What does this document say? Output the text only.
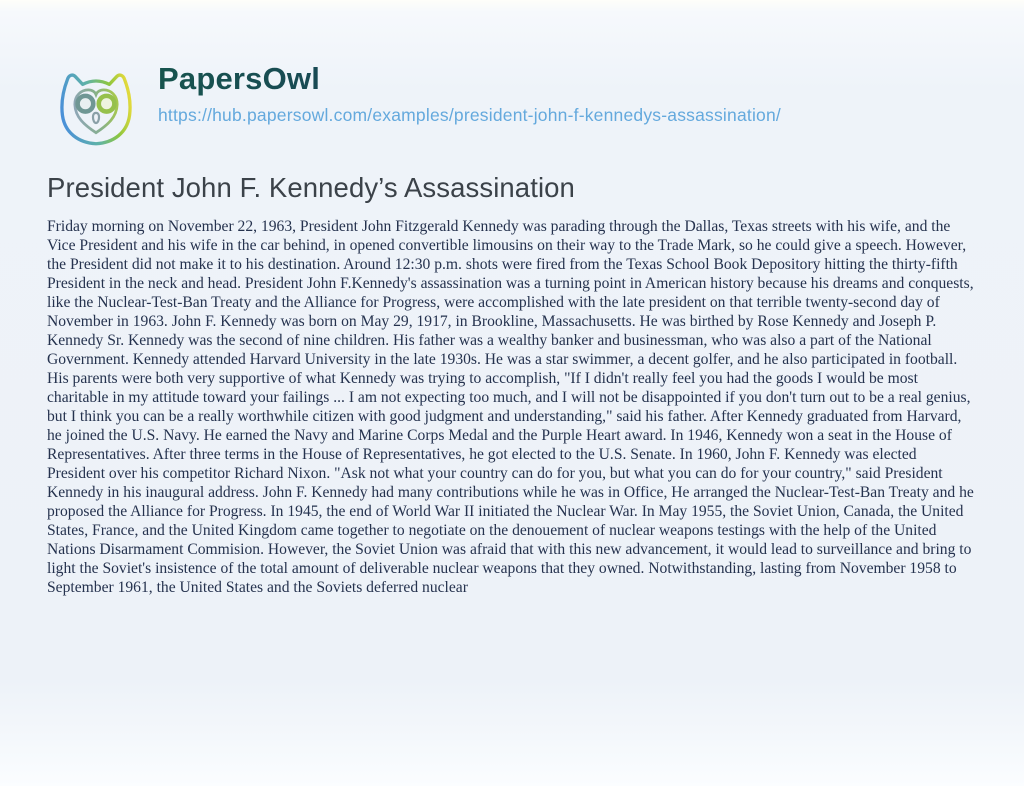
PapersOwl
https://hub.papersowl.com/examples/president-john-f-kennedys-assassination/
President John F. Kennedy’s Assassination

Friday morning on November 22, 1963, President John Fitzgerald Kennedy was parading through the Dallas, Texas streets with his wife, and the Vice President and his wife in the car behind, in opened convertible limousins on their way to the Trade Mark, so he could give a speech. However, the President did not make it to his destination. Around 12:30 p.m. shots were fired from the Texas School Book Depository hitting the thirty-fifth President in the neck and head. President John F.Kennedy's assassination was a turning point in American history because his dreams and conquests, like the Nuclear-Test-Ban Treaty and the Alliance for Progress, were accomplished with the late president on that terrible twenty-second day of November in 1963. John F. Kennedy was born on May 29, 1917, in Brookline, Massachusetts. He was birthed by Rose Kennedy and Joseph P. Kennedy Sr. Kennedy was the second of nine children. His father was a wealthy banker and businessman, who was also a part of the National Government. Kennedy attended Harvard University in the late 1930s. He was a star swimmer, a decent golfer, and he also participated in football. His parents were both very supportive of what Kennedy was trying to accomplish, "If I didn't really feel you had the goods I would be most charitable in my attitude toward your failings ... I am not expecting too much, and I will not be disappointed if you don't turn out to be a real genius, but I think you can be a really worthwhile citizen with good judgment and understanding," said his father. After Kennedy graduated from Harvard, he joined the U.S. Navy. He earned the Navy and Marine Corps Medal and the Purple Heart award. In 1946, Kennedy won a seat in the House of Representatives. After three terms in the House of Representatives, he got elected to the U.S. Senate. In 1960, John F. Kennedy was elected President over his competitor Richard Nixon. "Ask not what your country can do for you, but what you can do for your country," said President Kennedy in his inaugural address. John F. Kennedy had many contributions while he was in Office, He arranged the Nuclear-Test-Ban Treaty and he proposed the Alliance for Progress. In 1945, the end of World War II initiated the Nuclear War. In May 1955, the Soviet Union, Canada, the United States, France, and the United Kingdom came together to negotiate on the denouement of nuclear weapons testings with the help of the United Nations Disarmament Commision. However, the Soviet Union was afraid that with this new advancement, it would lead to surveillance and bring to light the Soviet's insistence of the total amount of deliverable nuclear weapons that they owned. Notwithstanding, lasting from November 1958 to September 1961, the United States and the Soviets deferred nuclear
